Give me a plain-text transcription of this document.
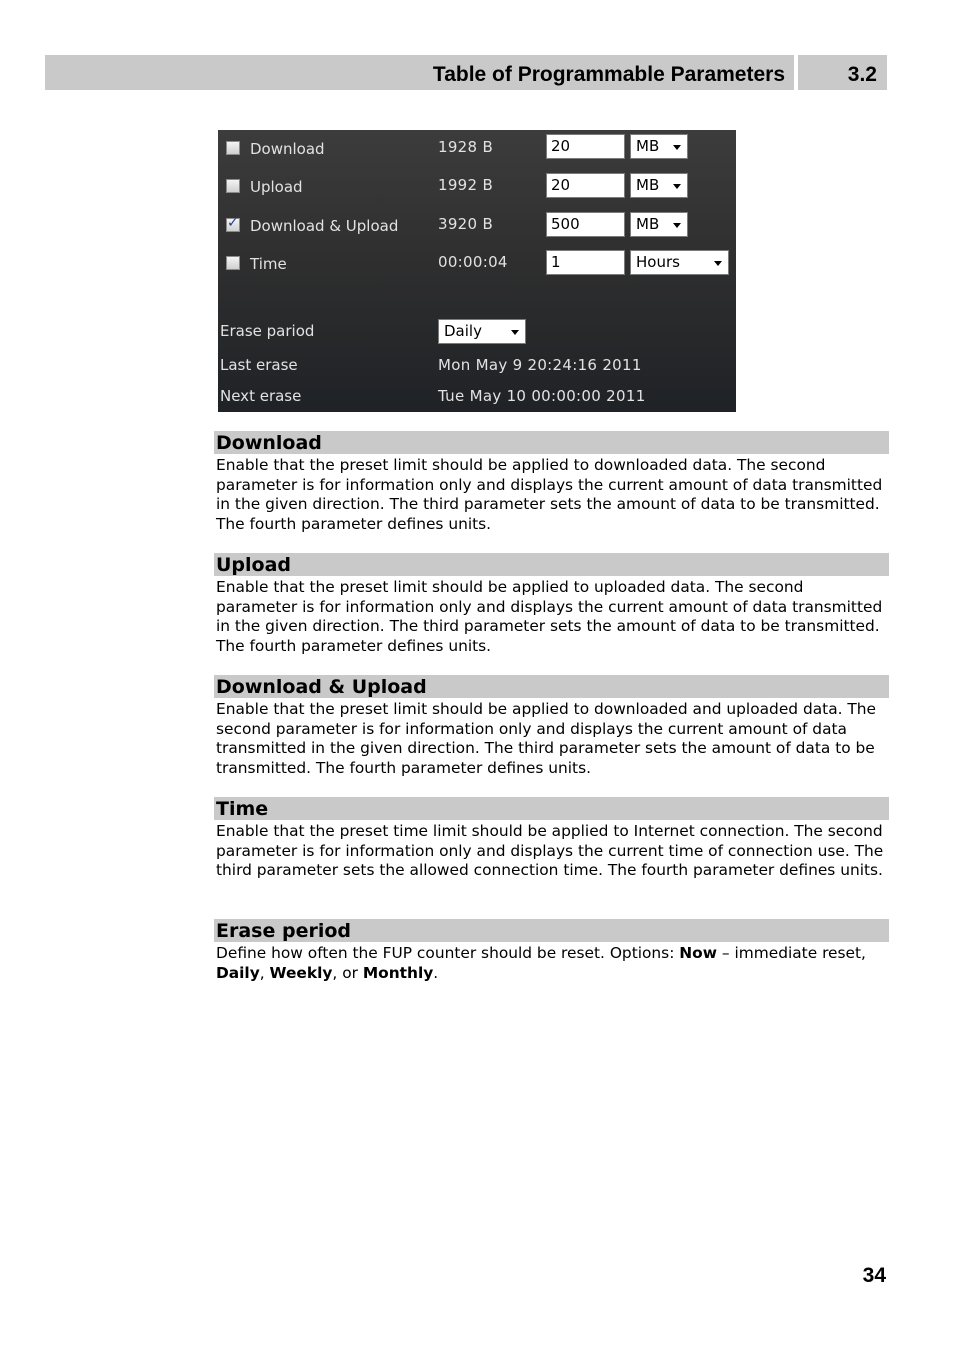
Table of Programmable Parameters	3.2
Download	1928 B	20	MB
Upload	1992 B	20	MB
✓
Download & Upload	3920 B	500	MB
Time	00:00:04	1	Hours
Erase pariod	Daily
Last erase	Mon May 9 20:24:16 2011
Next erase	Tue May 10 00:00:00 2011
Download

Enable that the preset limit should be applied to downloaded data. The second parameter is for information only and displays the current amount of data transmitted in the given direction. The third parameter sets the amount of data to be transmitted. The fourth parameter defines units.

Upload

Enable that the preset limit should be applied to uploaded data. The second parameter is for information only and displays the current amount of data transmitted in the given direction. The third parameter sets the amount of data to be transmitted. The fourth parameter defines units.

Download & Upload

Enable that the preset limit should be applied to downloaded and uploaded data. The second parameter is for information only and displays the current amount of data transmitted in the given direction. The third parameter sets the amount of data to be transmitted. The fourth parameter defines units.

Time

Enable that the preset time limit should be applied to Internet connection. The second parameter is for information only and displays the current time of connection use. The third parameter sets the allowed connection time. The fourth parameter defines units.

Erase period

Define how often the FUP counter should be reset. Options: Now – immediate reset, Daily, Weekly, or Monthly.

34
